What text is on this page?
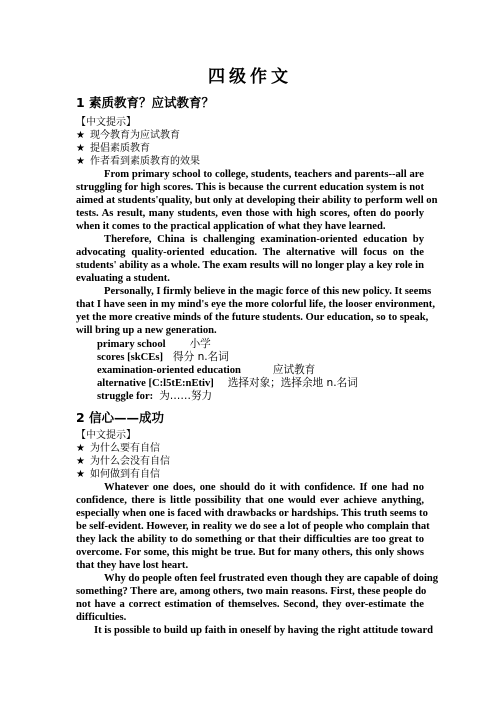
四级作文
1 素质教育？应试教育？
【中文提示】
★ 现今教育为应试教育
★ 提倡素质教育
★ 作者看到素质教育的效果
From primary school to college, students, teachers and parents--all are
struggling for high scores. This is because the current education system is not
aimed at students'quality, but only at developing their ability to perform well on
tests. As result, many students, even those with high scores, often do poorly
when it comes to the practical application of what they have learned.
Therefore, China is challenging examination-oriented education by
advocating quality-oriented education. The alternative will focus on the
students' ability as a whole. The exam results will no longer play a key role in
evaluating a student.
Personally, I firmly believe in the magic force of this new policy. It seems
that I have seen in my mind's eye the more colorful life, the looser environment,
yet the more creative minds of the future students. Our education, so to speak,
will bring up a new generation.
primary school 小学
scores [skCEs] 得分 n.名词
examination-oriented education	应试教育
alternative [C:l5tE:nEtiv] 选择对象；选择余地 n.名词
struggle for: 为……努力
2 信心——成功
【中文提示】
★ 为什么要有自信
★ 为什么会没有自信
★ 如何做到有自信
Whatever one does, one should do it with confidence. If one had no
confidence, there is little possibility that one would ever achieve anything,
especially when one is faced with drawbacks or hardships. This truth seems to
be self-evident. However, in reality we do see a lot of people who complain that
they lack the ability to do something or that their difficulties are too great to
overcome. For some, this might be true. But for many others, this only shows
that they have lost heart.
Why do people often feel frustrated even though they are capable of doing
something? There are, among others, two main reasons. First, these people do
not have a correct estimation of themselves. Second, they over-estimate the
difficulties.
It is possible to build up faith in oneself by having the right attitude toward
